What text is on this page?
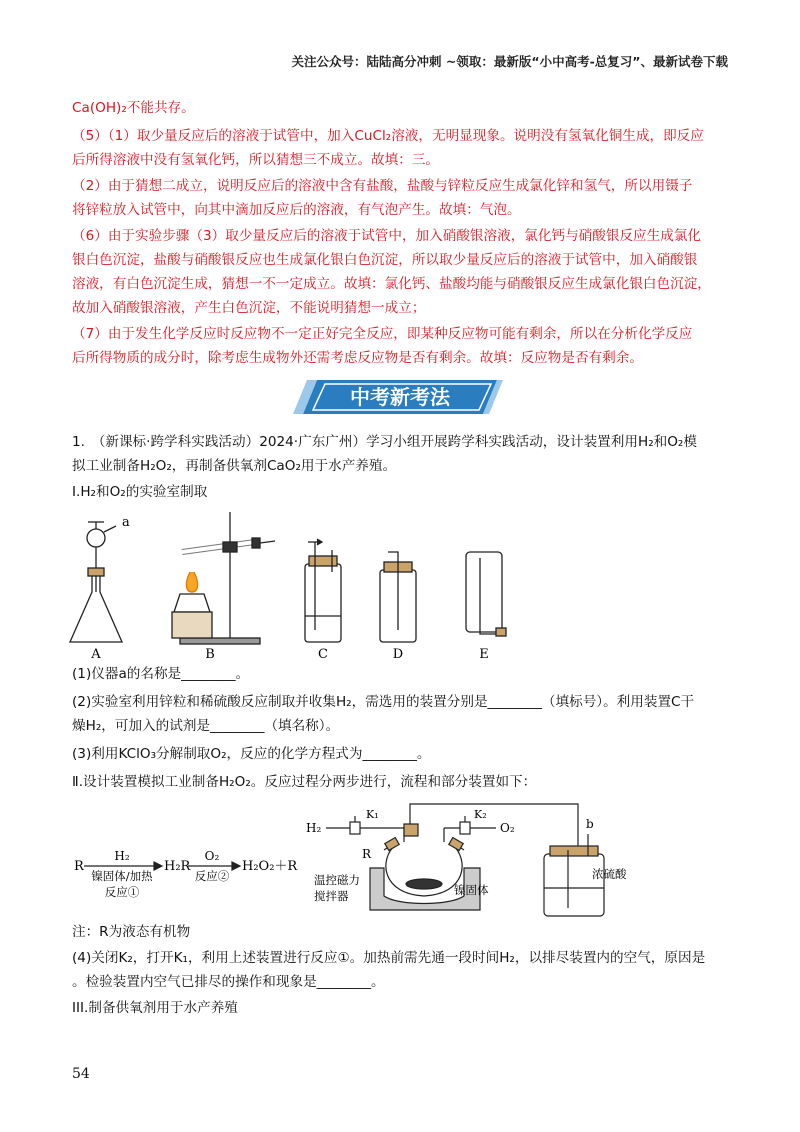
关注公众号：陆陆高分冲刺 ~领取：最新版“小中高考-总复习”、最新试卷下载

Ca(OH)₂不能共存。

（5）（1）取少量反应后的溶液于试管中，加入CuCl₂溶液，无明显现象。说明没有氢氧化铜生成，即反应

后所得溶液中没有氢氧化钙，所以猜想三不成立。故填：三。

（2）由于猜想二成立，说明反应后的溶液中含有盐酸，盐酸与锌粒反应生成氯化锌和氢气，所以用镊子

将锌粒放入试管中，向其中滴加反应后的溶液，有气泡产生。故填：气泡。

（6）由于实验步骤（3）取少量反应后的溶液于试管中，加入硝酸银溶液，氯化钙与硝酸银反应生成氯化

银白色沉淀，盐酸与硝酸银反应也生成氯化银白色沉淀，所以取少量反应后的溶液于试管中，加入硝酸银

溶液，有白色沉淀生成，猜想一不一定成立。故填：氯化钙、盐酸均能与硝酸银反应生成氯化银白色沉淀，

故加入硝酸银溶液，产生白色沉淀，不能说明猜想一成立；

（7）由于发生化学反应时反应物不一定正好完全反应，即某种反应物可能有剩余，所以在分析化学反应

后所得物质的成分时，除考虑生成物外还需考虑反应物是否有剩余。故填：反应物是否有剩余。

中考新考法

1.　（新课标·跨学科实践活动）2024·广东广州）学习小组开展跨学科实践活动，设计装置利用H₂和O₂模

拟工业制备H₂O₂，再制备供氧剂CaO₂用于水产养殖。

I.H₂和O₂的实验室制取

a
A	B	C	D	E

(1)仪器a的名称是________。

(2)实验室利用锌粒和稀硫酸反应制取并收集H₂，需选用的装置分别是________（填标号）。利用装置C干

燥H₂，可加入的试剂是________（填名称）。

(3)利用KClO₃分解制取O₂，反应的化学方程式为________。

Ⅱ.设计装置模拟工业制备H₂O₂。反应过程分两步进行，流程和部分装置如下：

R
H₂
镍固体/加热
反应①
H₂R
O₂
反应②
H₂O₂＋R
H₂
K₁	K₂
O₂	b
R
温控磁力
搅拌器	镍固体
浓硫酸

注：R为液态有机物

(4)关闭K₂，打开K₁，利用上述装置进行反应①。加热前需先通一段时间H₂，以排尽装置内的空气，原因是

。检验装置内空气已排尽的操作和现象是________。

III.制备供氧剂用于水产养殖

54
